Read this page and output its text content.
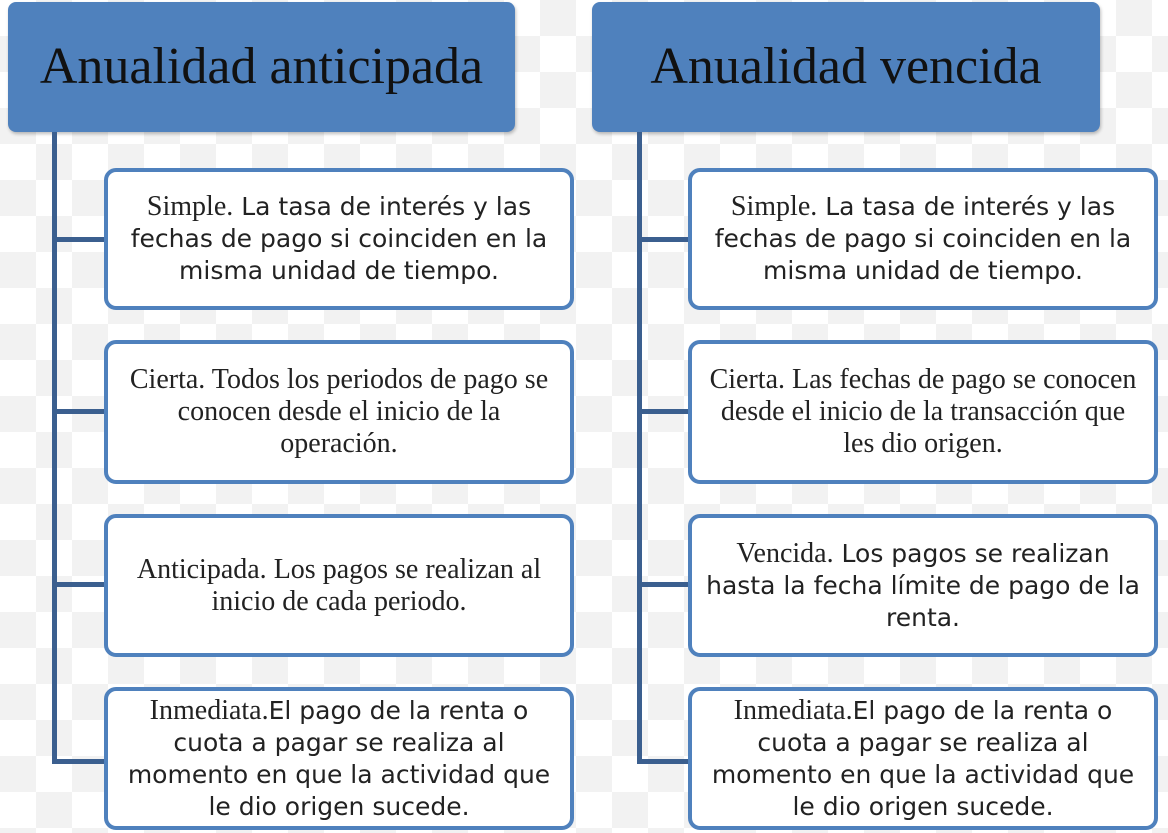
Anualidad anticipada
Simple. La tasa de interés y las fechas de pago si coinciden en la misma unidad de tiempo.
Cierta. Todos los periodos de pago se conocen desde el inicio de la operación.
Anticipada. Los pagos se realizan al inicio de cada periodo.
Inmediata.El pago de la renta o cuota a pagar se realiza al momento en que la actividad que le dio origen sucede.
Anualidad vencida
Simple. La tasa de interés y las fechas de pago si coinciden en la misma unidad de tiempo.
Cierta. Las fechas de pago se conocen desde el inicio de la transacción que les dio origen.
Vencida. Los pagos se realizan hasta la fecha límite de pago de la renta.
Inmediata.El pago de la renta o cuota a pagar se realiza al momento en que la actividad que le dio origen sucede.
